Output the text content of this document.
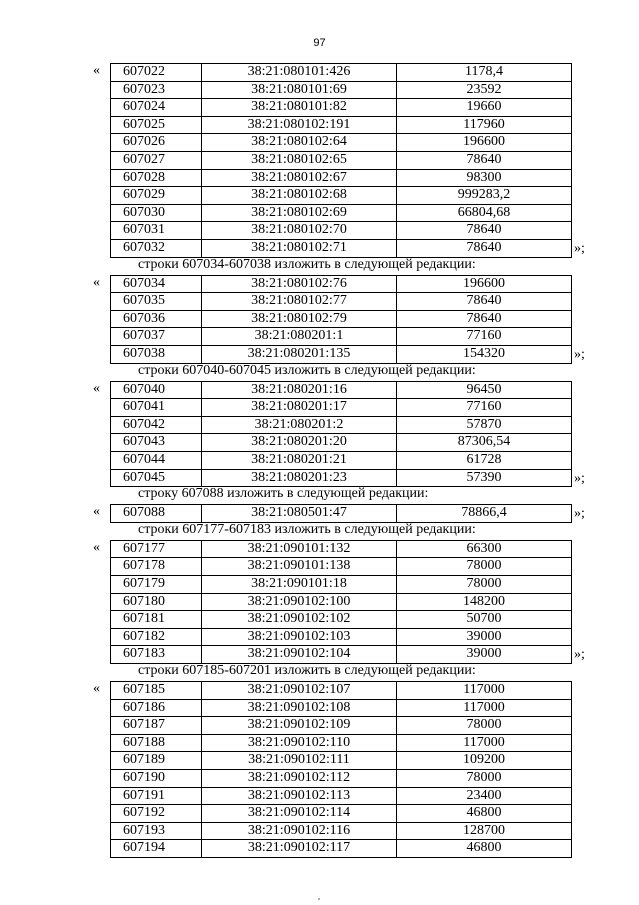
97
« 607022	38:21:080101:426	1178,4
607023	38:21:080101:69	23592
607024	38:21:080101:82	19660
607025	38:21:080102:191	117960
607026	38:21:080102:64	196600
607027	38:21:080102:65	78640
607028	38:21:080102:67	98300
607029	38:21:080102:68	999283,2
607030	38:21:080102:69	66804,68
607031	38:21:080102:70	78640
607032	38:21:080102:71	78640	»;
строки 607034-607038 изложить в следующей редакции:
« 607034	38:21:080102:76	196600
607035	38:21:080102:77	78640
607036	38:21:080102:79	78640
607037	38:21:080201:1	77160
607038	38:21:080201:135	154320	»;
строки 607040-607045 изложить в следующей редакции:
« 607040	38:21:080201:16	96450
607041	38:21:080201:17	77160
607042	38:21:080201:2	57870
607043	38:21:080201:20	87306,54
607044	38:21:080201:21	61728
607045	38:21:080201:23	57390	»;
строку 607088 изложить в следующей редакции:
« 607088	38:21:080501:47	78866,4	»;
строки 607177-607183 изложить в следующей редакции:
« 607177	38:21:090101:132	66300
607178	38:21:090101:138	78000
607179	38:21:090101:18	78000
607180	38:21:090102:100	148200
607181	38:21:090102:102	50700
607182	38:21:090102:103	39000
607183	38:21:090102:104	39000	»;
строки 607185-607201 изложить в следующей редакции:
« 607185	38:21:090102:107	117000
607186	38:21:090102:108	117000
607187	38:21:090102:109	78000
607188	38:21:090102:110	117000
607189	38:21:090102:111	109200
607190	38:21:090102:112	78000
607191	38:21:090102:113	23400
607192	38:21:090102:114	46800
607193	38:21:090102:116	128700
607194	38:21:090102:117	46800
